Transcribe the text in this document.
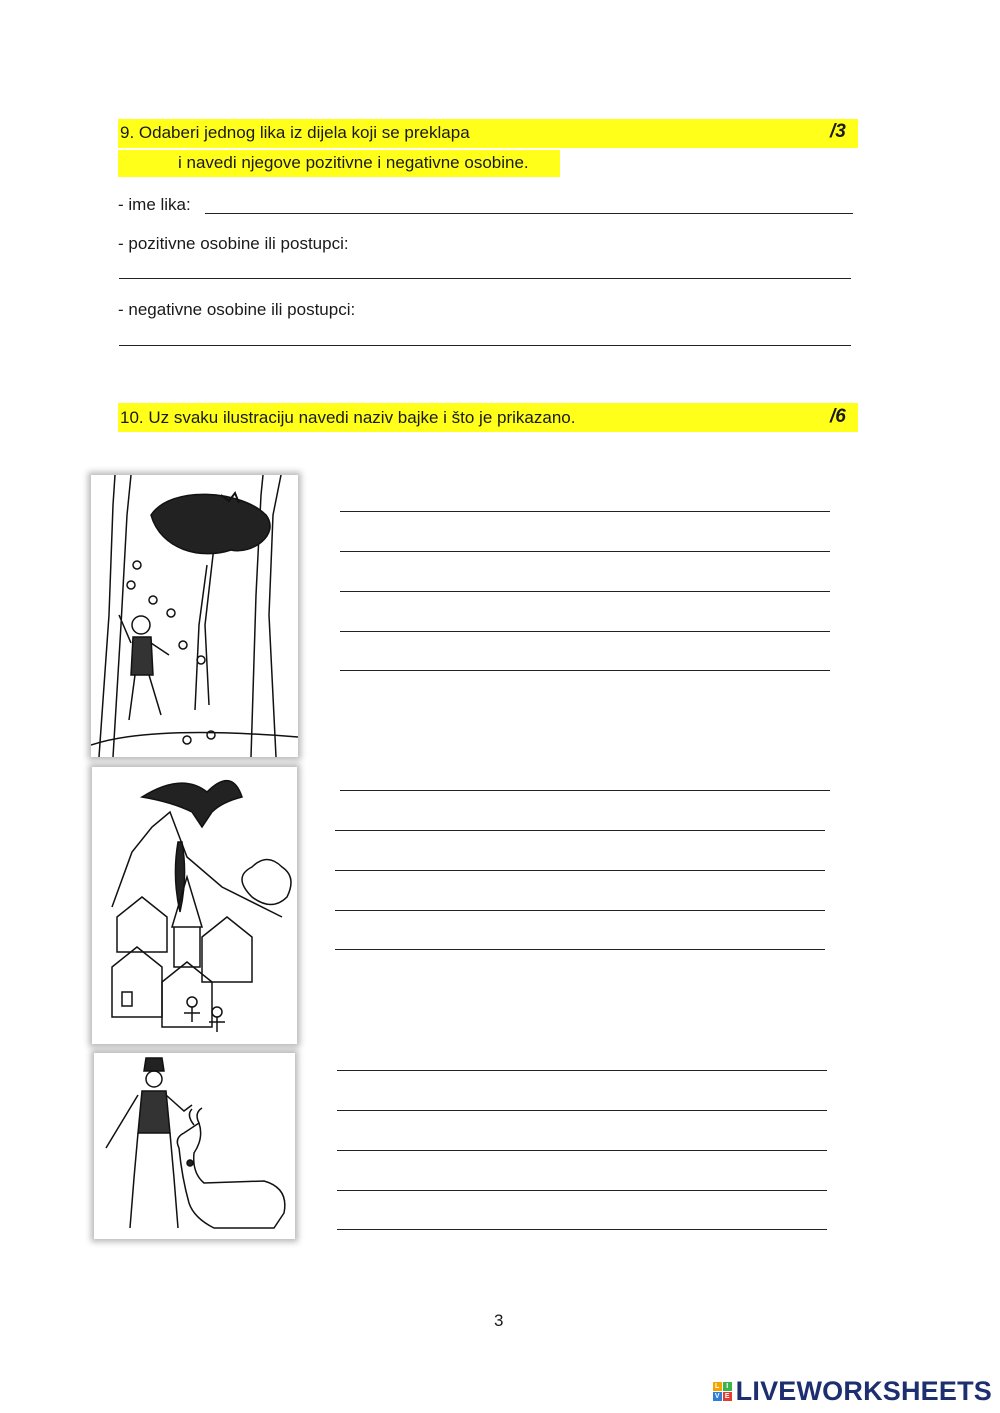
9. Odaberi jednog lika iz dijela koji se preklapa	/3
i navedi njegove pozitivne i negativne osobine.
- ime lika:
- pozitivne osobine ili postupci:
- negativne osobine ili postupci:
10. Uz svaku ilustraciju navedi naziv bajke i što je prikazano.	/6
3
L I
V E LIVEWORKSHEETS
